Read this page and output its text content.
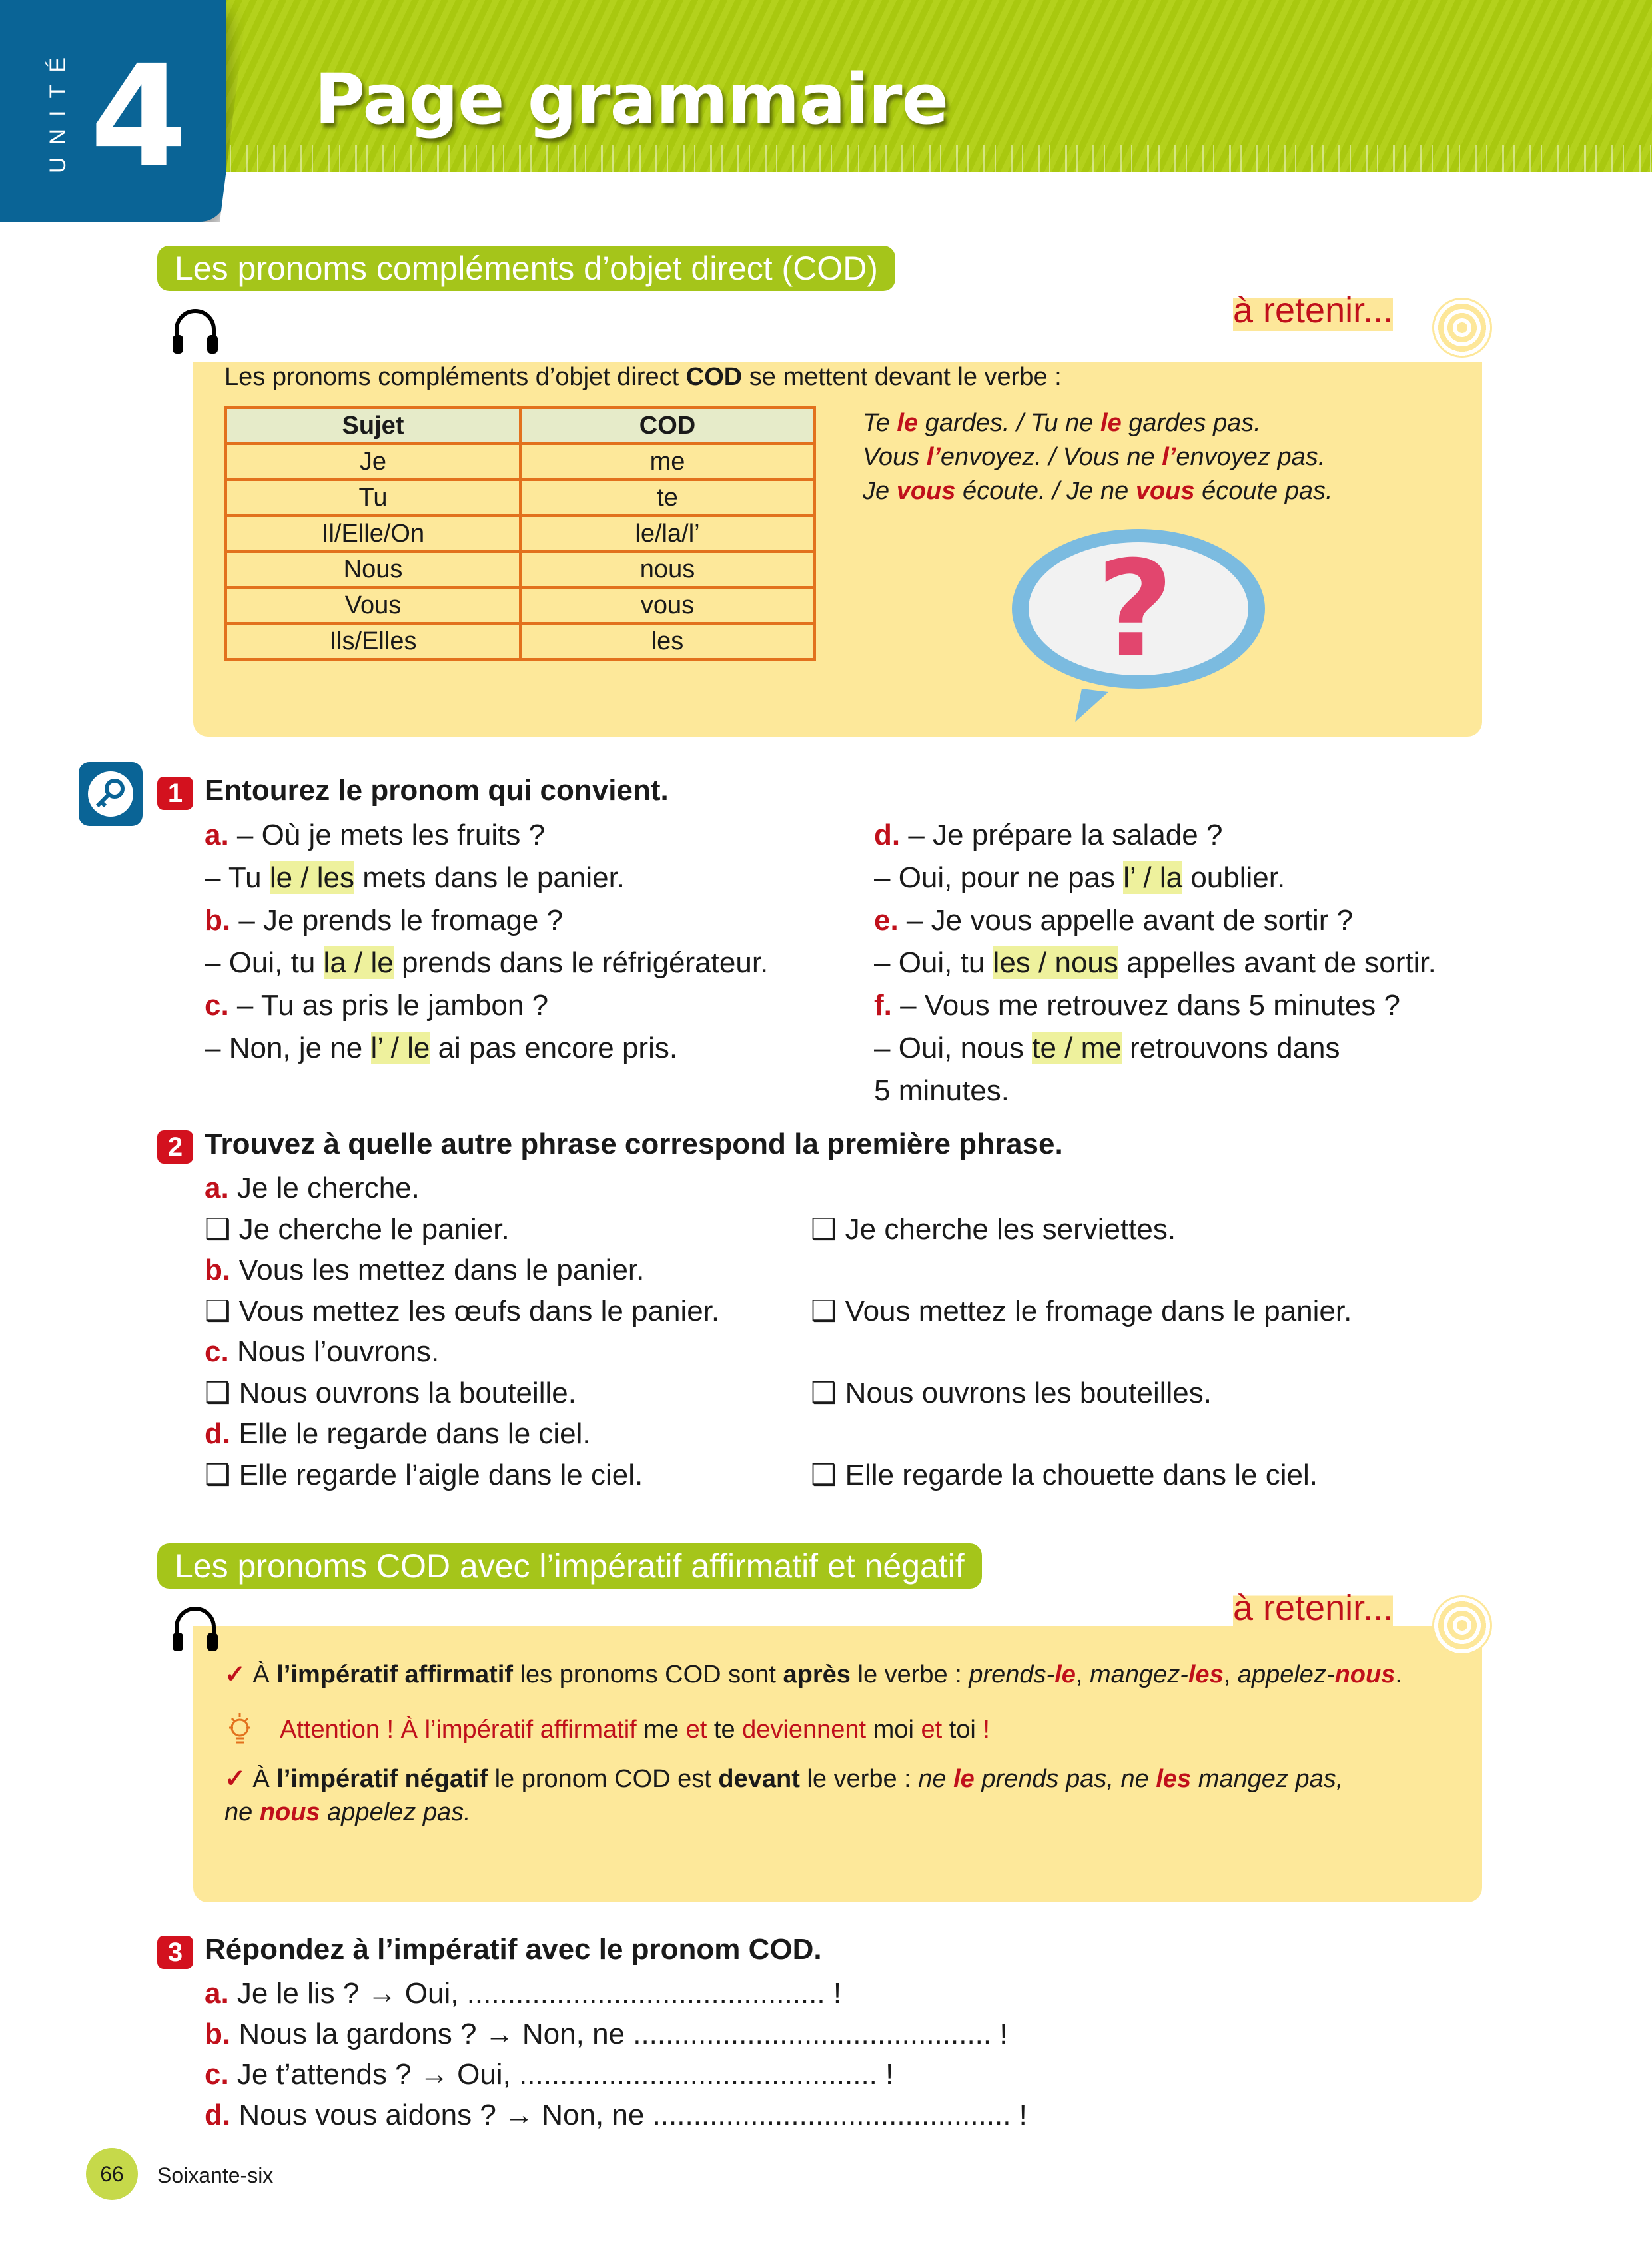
UNITÉ 4 Page grammaire
Les pronoms compléments d’objet direct (COD)
à retenir...
Les pronoms compléments d’objet direct COD se mettent devant le verbe :
Sujet	COD
Je	me
Tu	te
Il/Elle/On	le/la/l’
Nous	nous
Vous	vous
Ils/Elles	les
Te le gardes. / Tu ne le gardes pas.
Vous l’envoyez. / Vous ne l’envoyez pas.
Je vous écoute. / Je ne vous écoute pas.
?
1 Entourez le pronom qui convient.
a. – Où je mets les fruits ?
– Tu le / les mets dans le panier.
b. – Je prends le fromage ?
– Oui, tu la / le prends dans le réfrigérateur.
c. – Tu as pris le jambon ?
– Non, je ne l’ / le ai pas encore pris.
d. – Je prépare la salade ?
– Oui, pour ne pas l’ / la oublier.
e. – Je vous appelle avant de sortir ?
– Oui, tu les / nous appelles avant de sortir.
f. – Vous me retrouvez dans 5 minutes ?
– Oui, nous te / me retrouvons dans
5 minutes.
2 Trouvez à quelle autre phrase correspond la première phrase.
a. Je le cherche.
❑ Je cherche le panier.	❑ Je cherche les serviettes.
b. Vous les mettez dans le panier.
❑ Vous mettez les œufs dans le panier.	❑ Vous mettez le fromage dans le panier.
c. Nous l’ouvrons.
❑ Nous ouvrons la bouteille.	❑ Nous ouvrons les bouteilles.
d. Elle le regarde dans le ciel.
❑ Elle regarde l’aigle dans le ciel.	❑ Elle regarde la chouette dans le ciel.
Les pronoms COD avec l’impératif affirmatif et négatif
à retenir...
✓ À l’impératif affirmatif les pronoms COD sont après le verbe : prends-le, mangez-les, appelez-nous.
Attention ! À l’impératif affirmatif me et te deviennent moi et toi !
✓ À l’impératif négatif le pronom COD est devant le verbe : ne le prends pas, ne les mangez pas,
ne nous appelez pas.
3 Répondez à l’impératif avec le pronom COD.
a. Je le lis ? → Oui, ............................................ !
b. Nous la gardons ? → Non, ne ............................................ !
c. Je t’attends ? → Oui, ............................................ !
d. Nous vous aidons ? → Non, ne ............................................ !
66	Soixante-six
